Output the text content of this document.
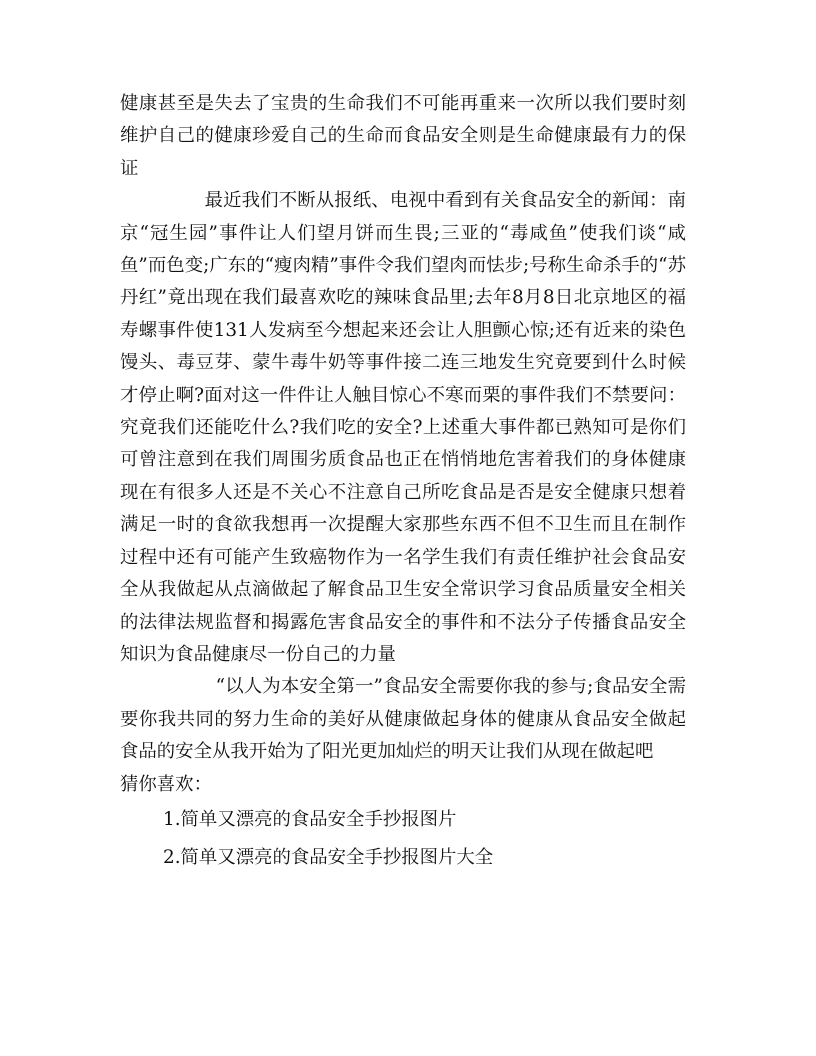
健康甚至是失去了宝贵的生命我们不可能再重来一次所以我们要时刻维护自己的健康珍爱自己的生命而食品安全则是生命健康最有力的保证

最近我们不断从报纸、电视中看到有关食品安全的新闻：南京“冠生园”事件让人们望月饼而生畏;三亚的“毒咸鱼”使我们谈“咸鱼”而色变;广东的“瘦肉精”事件令我们望肉而怯步;号称生命杀手的“苏丹红”竟出现在我们最喜欢吃的辣味食品里;去年8月8日北京地区的福寿螺事件使131人发病至今想起来还会让人胆颤心惊;还有近来的染色馒头、毒豆芽、蒙牛毒牛奶等事件接二连三地发生究竟要到什么时候才停止啊?面对这一件件让人触目惊心不寒而栗的事件我们不禁要问：究竟我们还能吃什么?我们吃的安全?上述重大事件都已熟知可是你们可曾注意到在我们周围劣质食品也正在悄悄地危害着我们的身体健康现在有很多人还是不关心不注意自己所吃食品是否是安全健康只想着满足一时的食欲我想再一次提醒大家那些东西不但不卫生而且在制作过程中还有可能产生致癌物作为一名学生我们有责任维护社会食品安全从我做起从点滴做起了解食品卫生安全常识学习食品质量安全相关的法律法规监督和揭露危害食品安全的事件和不法分子传播食品安全知识为食品健康尽一份自己的力量

“以人为本安全第一”食品安全需要你我的参与;食品安全需要你我共同的努力生命的美好从健康做起身体的健康从食品安全做起食品的安全从我开始为了阳光更加灿烂的明天让我们从现在做起吧

猜你喜欢：

1.简单又漂亮的食品安全手抄报图片
2.简单又漂亮的食品安全手抄报图片大全
